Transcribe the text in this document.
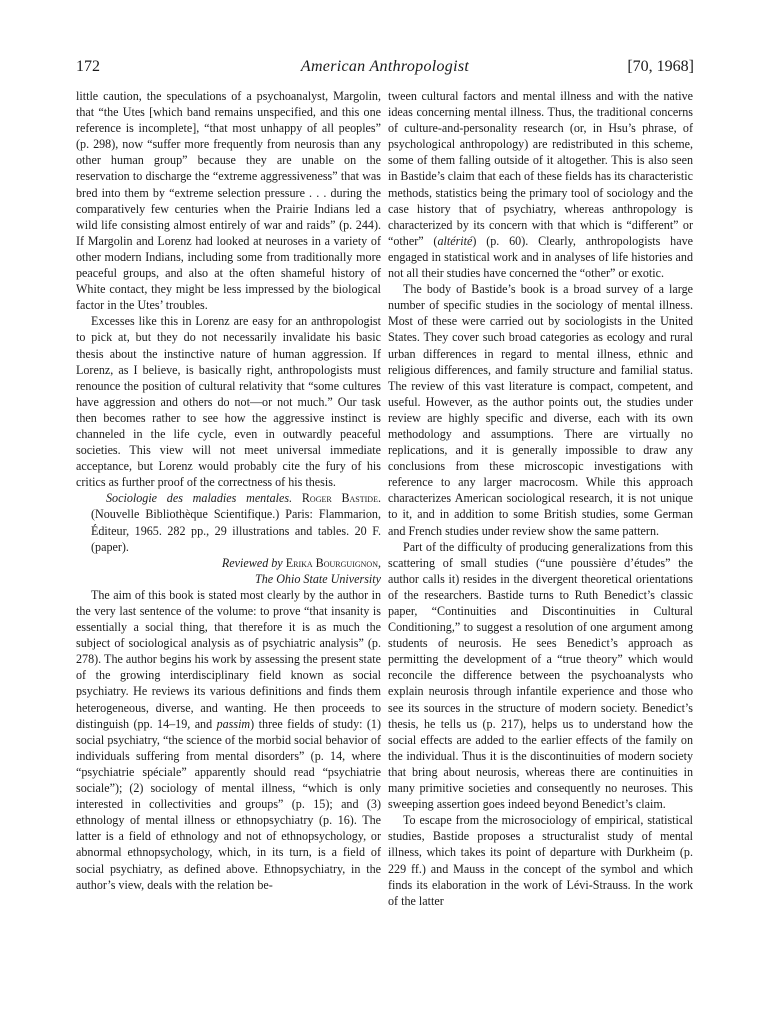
172	American Anthropologist	[70, 1968]

little caution, the speculations of a psychoanalyst, Margolin, that “the Utes [which band remains unspecified, and this one reference is incomplete], “that most unhappy of all peoples” (p. 298), now “suffer more frequently from neurosis than any other human group” because they are unable on the reservation to discharge the “extreme aggressiveness” that was bred into them by “extreme selection pressure . . . during the comparatively few centuries when the Prairie Indians led a wild life consisting almost entirely of war and raids” (p. 244). If Margolin and Lorenz had looked at neuroses in a variety of other modern Indians, including some from traditionally more peaceful groups, and also at the often shameful history of White contact, they might be less impressed by the biological factor in the Utes’ troubles.

Excesses like this in Lorenz are easy for an anthropologist to pick at, but they do not necessarily invalidate his basic thesis about the instinctive nature of human aggression. If Lorenz, as I believe, is basically right, anthropologists must renounce the position of cultural relativity that “some cultures have aggression and others do not—or not much.” Our task then becomes rather to see how the aggressive instinct is channeled in the life cycle, even in outwardly peaceful societies. This view will not meet universal immediate acceptance, but Lorenz would probably cite the fury of his critics as further proof of the correctness of his thesis.

Sociologie des maladies mentales. Roger Bastide. (Nouvelle Bibliothèque Scientifique.) Paris: Flammarion, Éditeur, 1965. 282 pp., 29 illustrations and tables. 20 F. (paper).

Reviewed by Erika Bourguignon,

The Ohio State University

The aim of this book is stated most clearly by the author in the very last sentence of the volume: to prove “that insanity is essentially a social thing, that therefore it is as much the subject of sociological analysis as of psychiatric analysis” (p. 278). The author begins his work by assessing the present state of the growing interdisciplinary field known as social psychiatry. He reviews its various definitions and finds them heterogeneous, diverse, and wanting. He then proceeds to distinguish (pp. 14–19, and passim) three fields of study: (1) social psychiatry, “the science of the morbid social behavior of individuals suffering from mental disorders” (p. 14, where “psychiatrie spéciale” apparently should read “psychiatrie sociale”); (2) sociology of mental illness, “which is only interested in collectivities and groups” (p. 15); and (3) ethnology of mental illness or ethnopsychiatry (p. 16). The latter is a field of ethnology and not of ethnopsychology, or abnormal ethnopsychology, which, in its turn, is a field of social psychiatry, as defined above. Ethnopsychiatry, in the author’s view, deals with the relation be-

tween cultural factors and mental illness and with the native ideas concerning mental illness. Thus, the traditional concerns of culture-and-personality research (or, in Hsu’s phrase, of psychological anthropology) are redistributed in this scheme, some of them falling outside of it altogether. This is also seen in Bastide’s claim that each of these fields has its characteristic methods, statistics being the primary tool of sociology and the case history that of psychiatry, whereas anthropology is characterized by its concern with that which is “different” or “other” (altérité) (p. 60). Clearly, anthropologists have engaged in statistical work and in analyses of life histories and not all their studies have concerned the “other” or exotic.

The body of Bastide’s book is a broad survey of a large number of specific studies in the sociology of mental illness. Most of these were carried out by sociologists in the United States. They cover such broad categories as ecology and rural urban differences in regard to mental illness, ethnic and religious differences, and family structure and familial status. The review of this vast literature is compact, competent, and useful. However, as the author points out, the studies under review are highly specific and diverse, each with its own methodology and assumptions. There are virtually no replications, and it is generally impossible to draw any conclusions from these microscopic investigations with reference to any larger macrocosm. While this approach characterizes American sociological research, it is not unique to it, and in addition to some British studies, some German and French studies under review show the same pattern.

Part of the difficulty of producing generalizations from this scattering of small studies (“une poussière d’études” the author calls it) resides in the divergent theoretical orientations of the researchers. Bastide turns to Ruth Benedict’s classic paper, “Continuities and Discontinuities in Cultural Conditioning,” to suggest a resolution of one argument among students of neurosis. He sees Benedict’s approach as permitting the development of a “true theory” which would reconcile the difference between the psychoanalysts who explain neurosis through infantile experience and those who see its sources in the structure of modern society. Benedict’s thesis, he tells us (p. 217), helps us to understand how the social effects are added to the earlier effects of the family on the individual. Thus it is the discontinuities of modern society that bring about neurosis, whereas there are continuities in many primitive societies and consequently no neuroses. This sweeping assertion goes indeed beyond Benedict’s claim.

To escape from the microsociology of empirical, statistical studies, Bastide proposes a structuralist study of mental illness, which takes its point of departure with Durkheim (p. 229 ff.) and Mauss in the concept of the symbol and which finds its elaboration in the work of Lévi-Strauss. In the work of the latter
